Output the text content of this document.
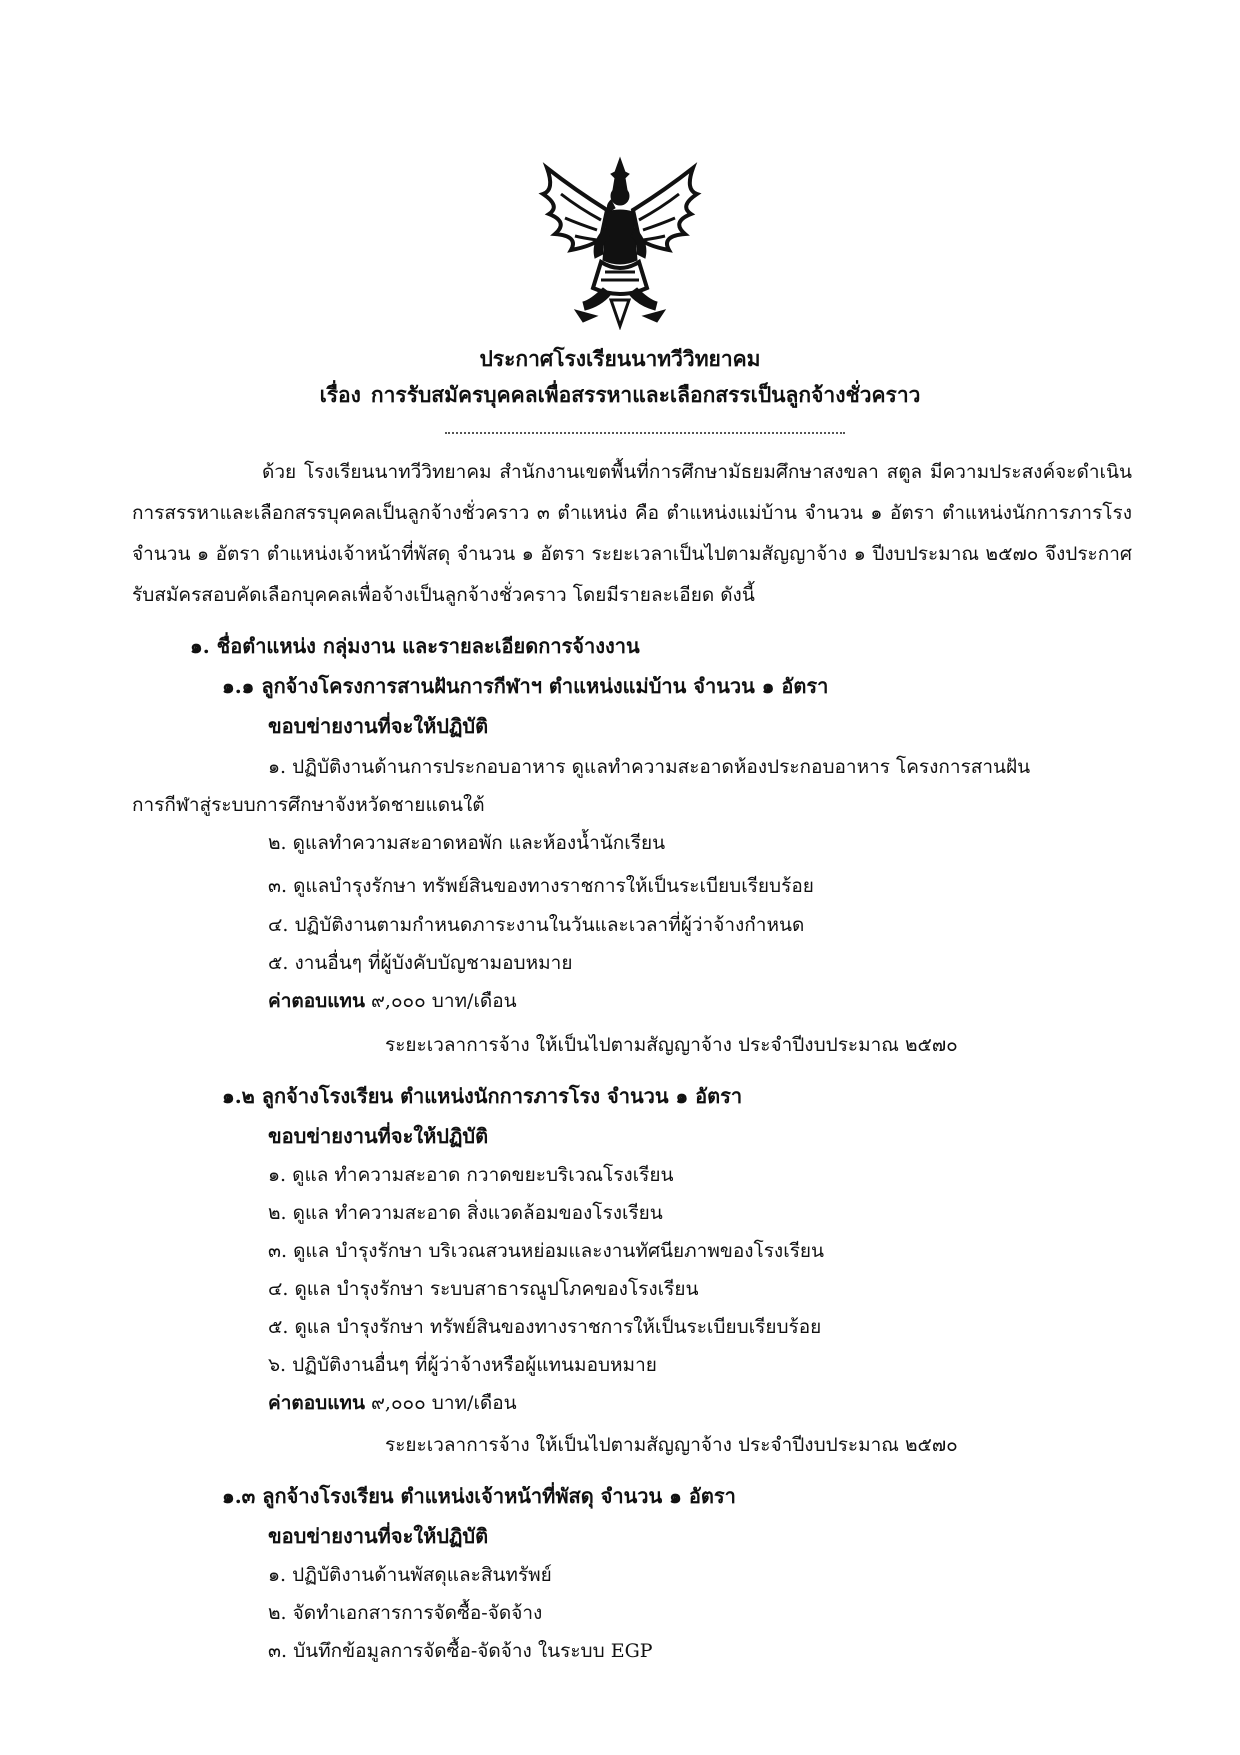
ประกาศโรงเรียนนาทวีวิทยาคม

เรื่อง การรับสมัครบุคคลเพื่อสรรหาและเลือกสรรเป็นลูกจ้างชั่วคราว

ด้วย โรงเรียนนาทวีวิทยาคม สำนักงานเขตพื้นที่การศึกษามัธยมศึกษาสงขลา สตูล มีความประสงค์จะดำเนินการสรรหาและเลือกสรรบุคคลเป็นลูกจ้างชั่วคราว ๓ ตำแหน่ง คือ ตำแหน่งแม่บ้าน จำนวน ๑ อัตรา ตำแหน่งนักการภารโรง จำนวน ๑ อัตรา ตำแหน่งเจ้าหน้าที่พัสดุ จำนวน ๑ อัตรา ระยะเวลาเป็นไปตามสัญญาจ้าง ๑ ปีงบประมาณ ๒๕๗๐ จึงประกาศรับสมัครสอบคัดเลือกบุคคลเพื่อจ้างเป็นลูกจ้างชั่วคราว โดยมีรายละเอียด ดังนี้

๑. ชื่อตำแหน่ง กลุ่มงาน และรายละเอียดการจ้างงาน
๑.๑ ลูกจ้างโครงการสานฝันการกีฬาฯ ตำแหน่งแม่บ้าน จำนวน ๑ อัตรา
ขอบข่ายงานที่จะให้ปฏิบัติ
๑. ปฏิบัติงานด้านการประกอบอาหาร ดูแลทำความสะอาดห้องประกอบอาหาร โครงการสานฝัน
การกีฬาสู่ระบบการศึกษาจังหวัดชายแดนใต้
๒. ดูแลทำความสะอาดหอพัก และห้องน้ำนักเรียน
๓. ดูแลบำรุงรักษา ทรัพย์สินของทางราชการให้เป็นระเบียบเรียบร้อย
๔. ปฏิบัติงานตามกำหนดภาระงานในวันและเวลาที่ผู้ว่าจ้างกำหนด
๕. งานอื่นๆ ที่ผู้บังคับบัญชามอบหมาย
ค่าตอบแทน ๙,๐๐๐ บาท/เดือน
ระยะเวลาการจ้าง ให้เป็นไปตามสัญญาจ้าง ประจำปีงบประมาณ ๒๕๗๐
๑.๒ ลูกจ้างโรงเรียน ตำแหน่งนักการภารโรง จำนวน ๑ อัตรา
ขอบข่ายงานที่จะให้ปฏิบัติ
๑. ดูแล ทำความสะอาด กวาดขยะบริเวณโรงเรียน
๒. ดูแล ทำความสะอาด สิ่งแวดล้อมของโรงเรียน
๓. ดูแล บำรุงรักษา บริเวณสวนหย่อมและงานทัศนียภาพของโรงเรียน
๔. ดูแล บำรุงรักษา ระบบสาธารณูปโภคของโรงเรียน
๕. ดูแล บำรุงรักษา ทรัพย์สินของทางราชการให้เป็นระเบียบเรียบร้อย
๖. ปฏิบัติงานอื่นๆ ที่ผู้ว่าจ้างหรือผู้แทนมอบหมาย
ค่าตอบแทน ๙,๐๐๐ บาท/เดือน
ระยะเวลาการจ้าง ให้เป็นไปตามสัญญาจ้าง ประจำปีงบประมาณ ๒๕๗๐
๑.๓ ลูกจ้างโรงเรียน ตำแหน่งเจ้าหน้าที่พัสดุ จำนวน ๑ อัตรา
ขอบข่ายงานที่จะให้ปฏิบัติ
๑. ปฏิบัติงานด้านพัสดุและสินทรัพย์
๒. จัดทำเอกสารการจัดซื้อ-จัดจ้าง
๓. บันทึกข้อมูลการจัดซื้อ-จัดจ้าง ในระบบ EGP
